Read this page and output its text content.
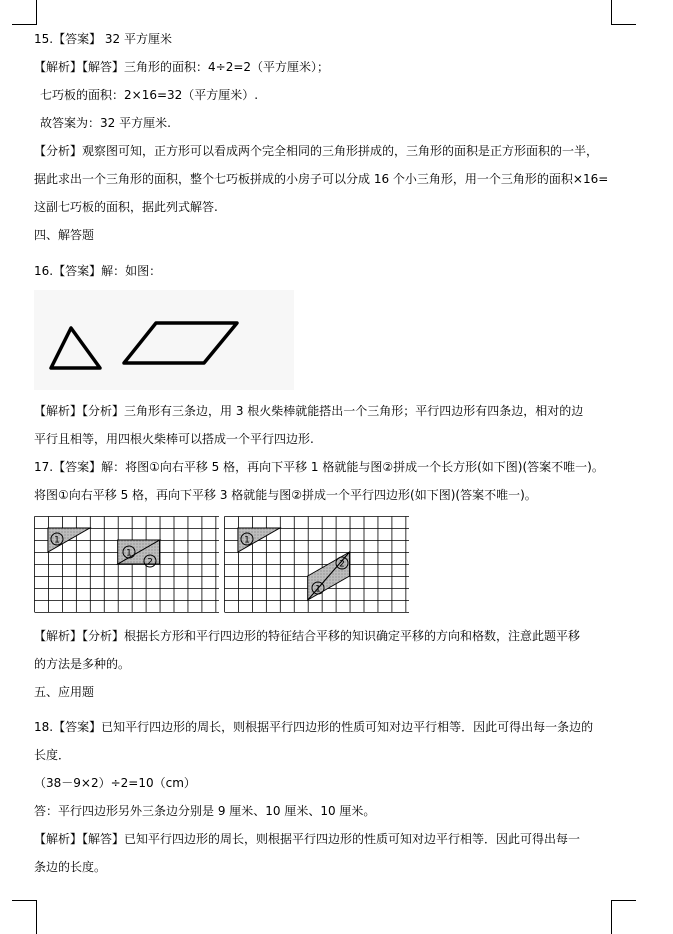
15.【答案】 32 平方厘米
【解析】【解答】三角形的面积：4÷2=2（平方厘米）；
七巧板的面积：2×16=32（平方厘米）.
故答案为：32 平方厘米.
【分析】观察图可知，正方形可以看成两个完全相同的三角形拼成的，三角形的面积是正方形面积的一半，
据此求出一个三角形的面积，整个七巧板拼成的小房子可以分成 16 个小三角形，用一个三角形的面积×16=
这副七巧板的面积，据此列式解答.
四、解答题
16.【答案】解：如图：
【解析】【分析】三角形有三条边，用 3 根火柴棒就能搭出一个三角形；平行四边形有四条边，相对的边
平行且相等，用四根火柴棒可以搭成一个平行四边形.
17.【答案】解：将图①向右平移 5 格，再向下平移 1 格就能与图②拼成一个长方形(如下图)(答案不唯一)。
将图①向右平移 5 格，再向下平移 3 格就能与图②拼成一个平行四边形(如下图)(答案不唯一)。
1
1
2
1
2
1
【解析】【分析】根据长方形和平行四边形的特征结合平移的知识确定平移的方向和格数，注意此题平移
的方法是多种的。
五、应用题
18.【答案】已知平行四边形的周长，则根据平行四边形的性质可知对边平行相等．因此可得出每一条边的
长度．
（38－9×2）÷2=10（cm）
答：平行四边形另外三条边分别是 9 厘米、10 厘米、10 厘米。
【解析】【解答】已知平行四边形的周长，则根据平行四边形的性质可知对边平行相等．因此可得出每一
条边的长度。
